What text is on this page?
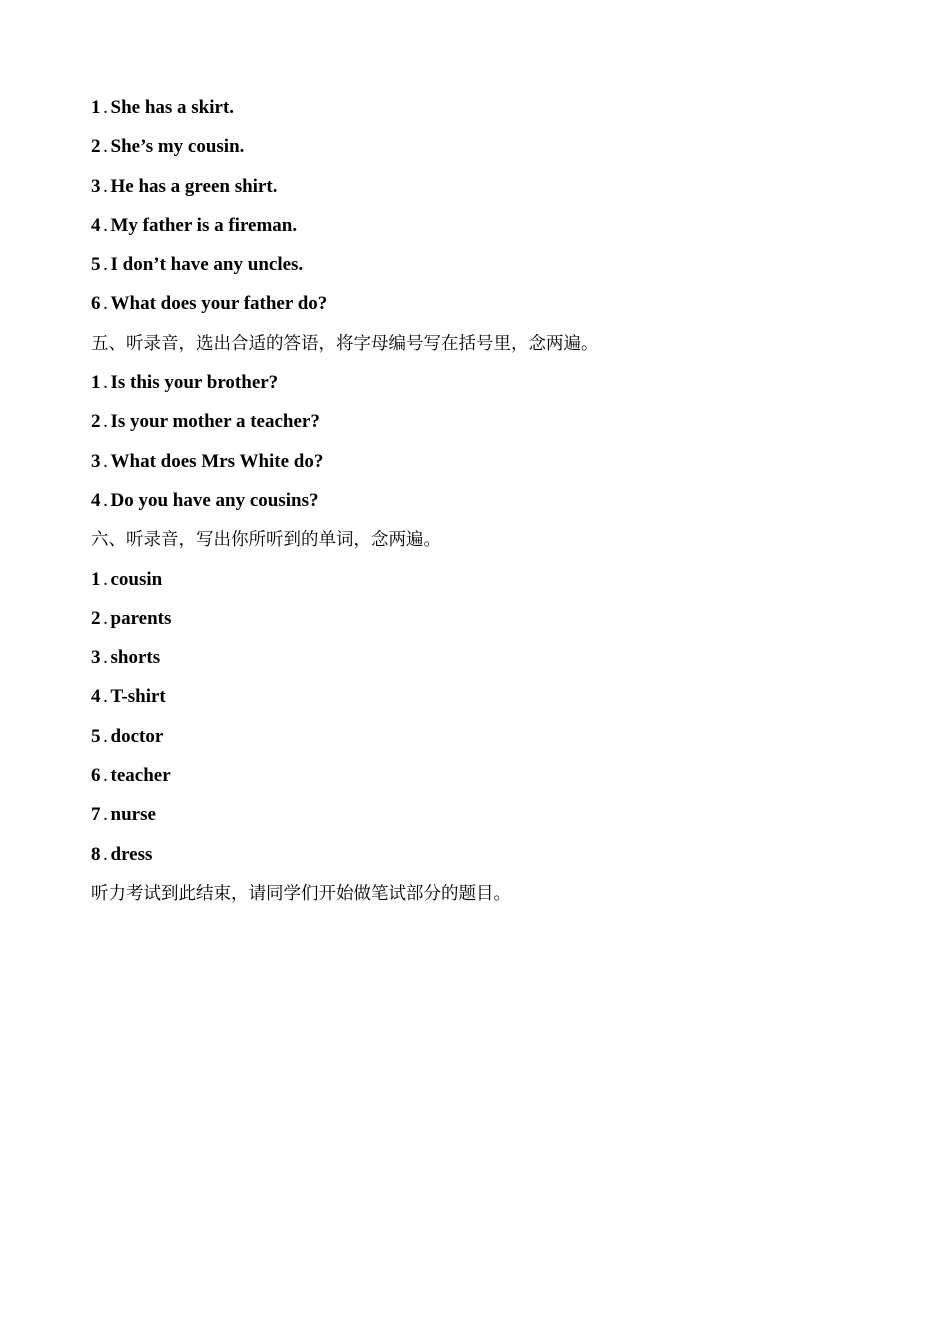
1 . She has a skirt.
2 . She’s my cousin.
3 . He has a green shirt.
4 . My father is a fireman.
5 . I don’t have any uncles.
6 . What does your father do?
五、听录音，选出合适的答语，将字母编号写在括号里，念两遍。
1 . Is this your brother?
2 . Is your mother a teacher?
3 . What does Mrs White do?
4 . Do you have any cousins?
六、听录音，写出你所听到的单词，念两遍。
1 . cousin
2 . parents
3 . shorts
4 . T-shirt
5 . doctor
6 . teacher
7 . nurse
8 . dress
听力考试到此结束，请同学们开始做笔试部分的题目。
